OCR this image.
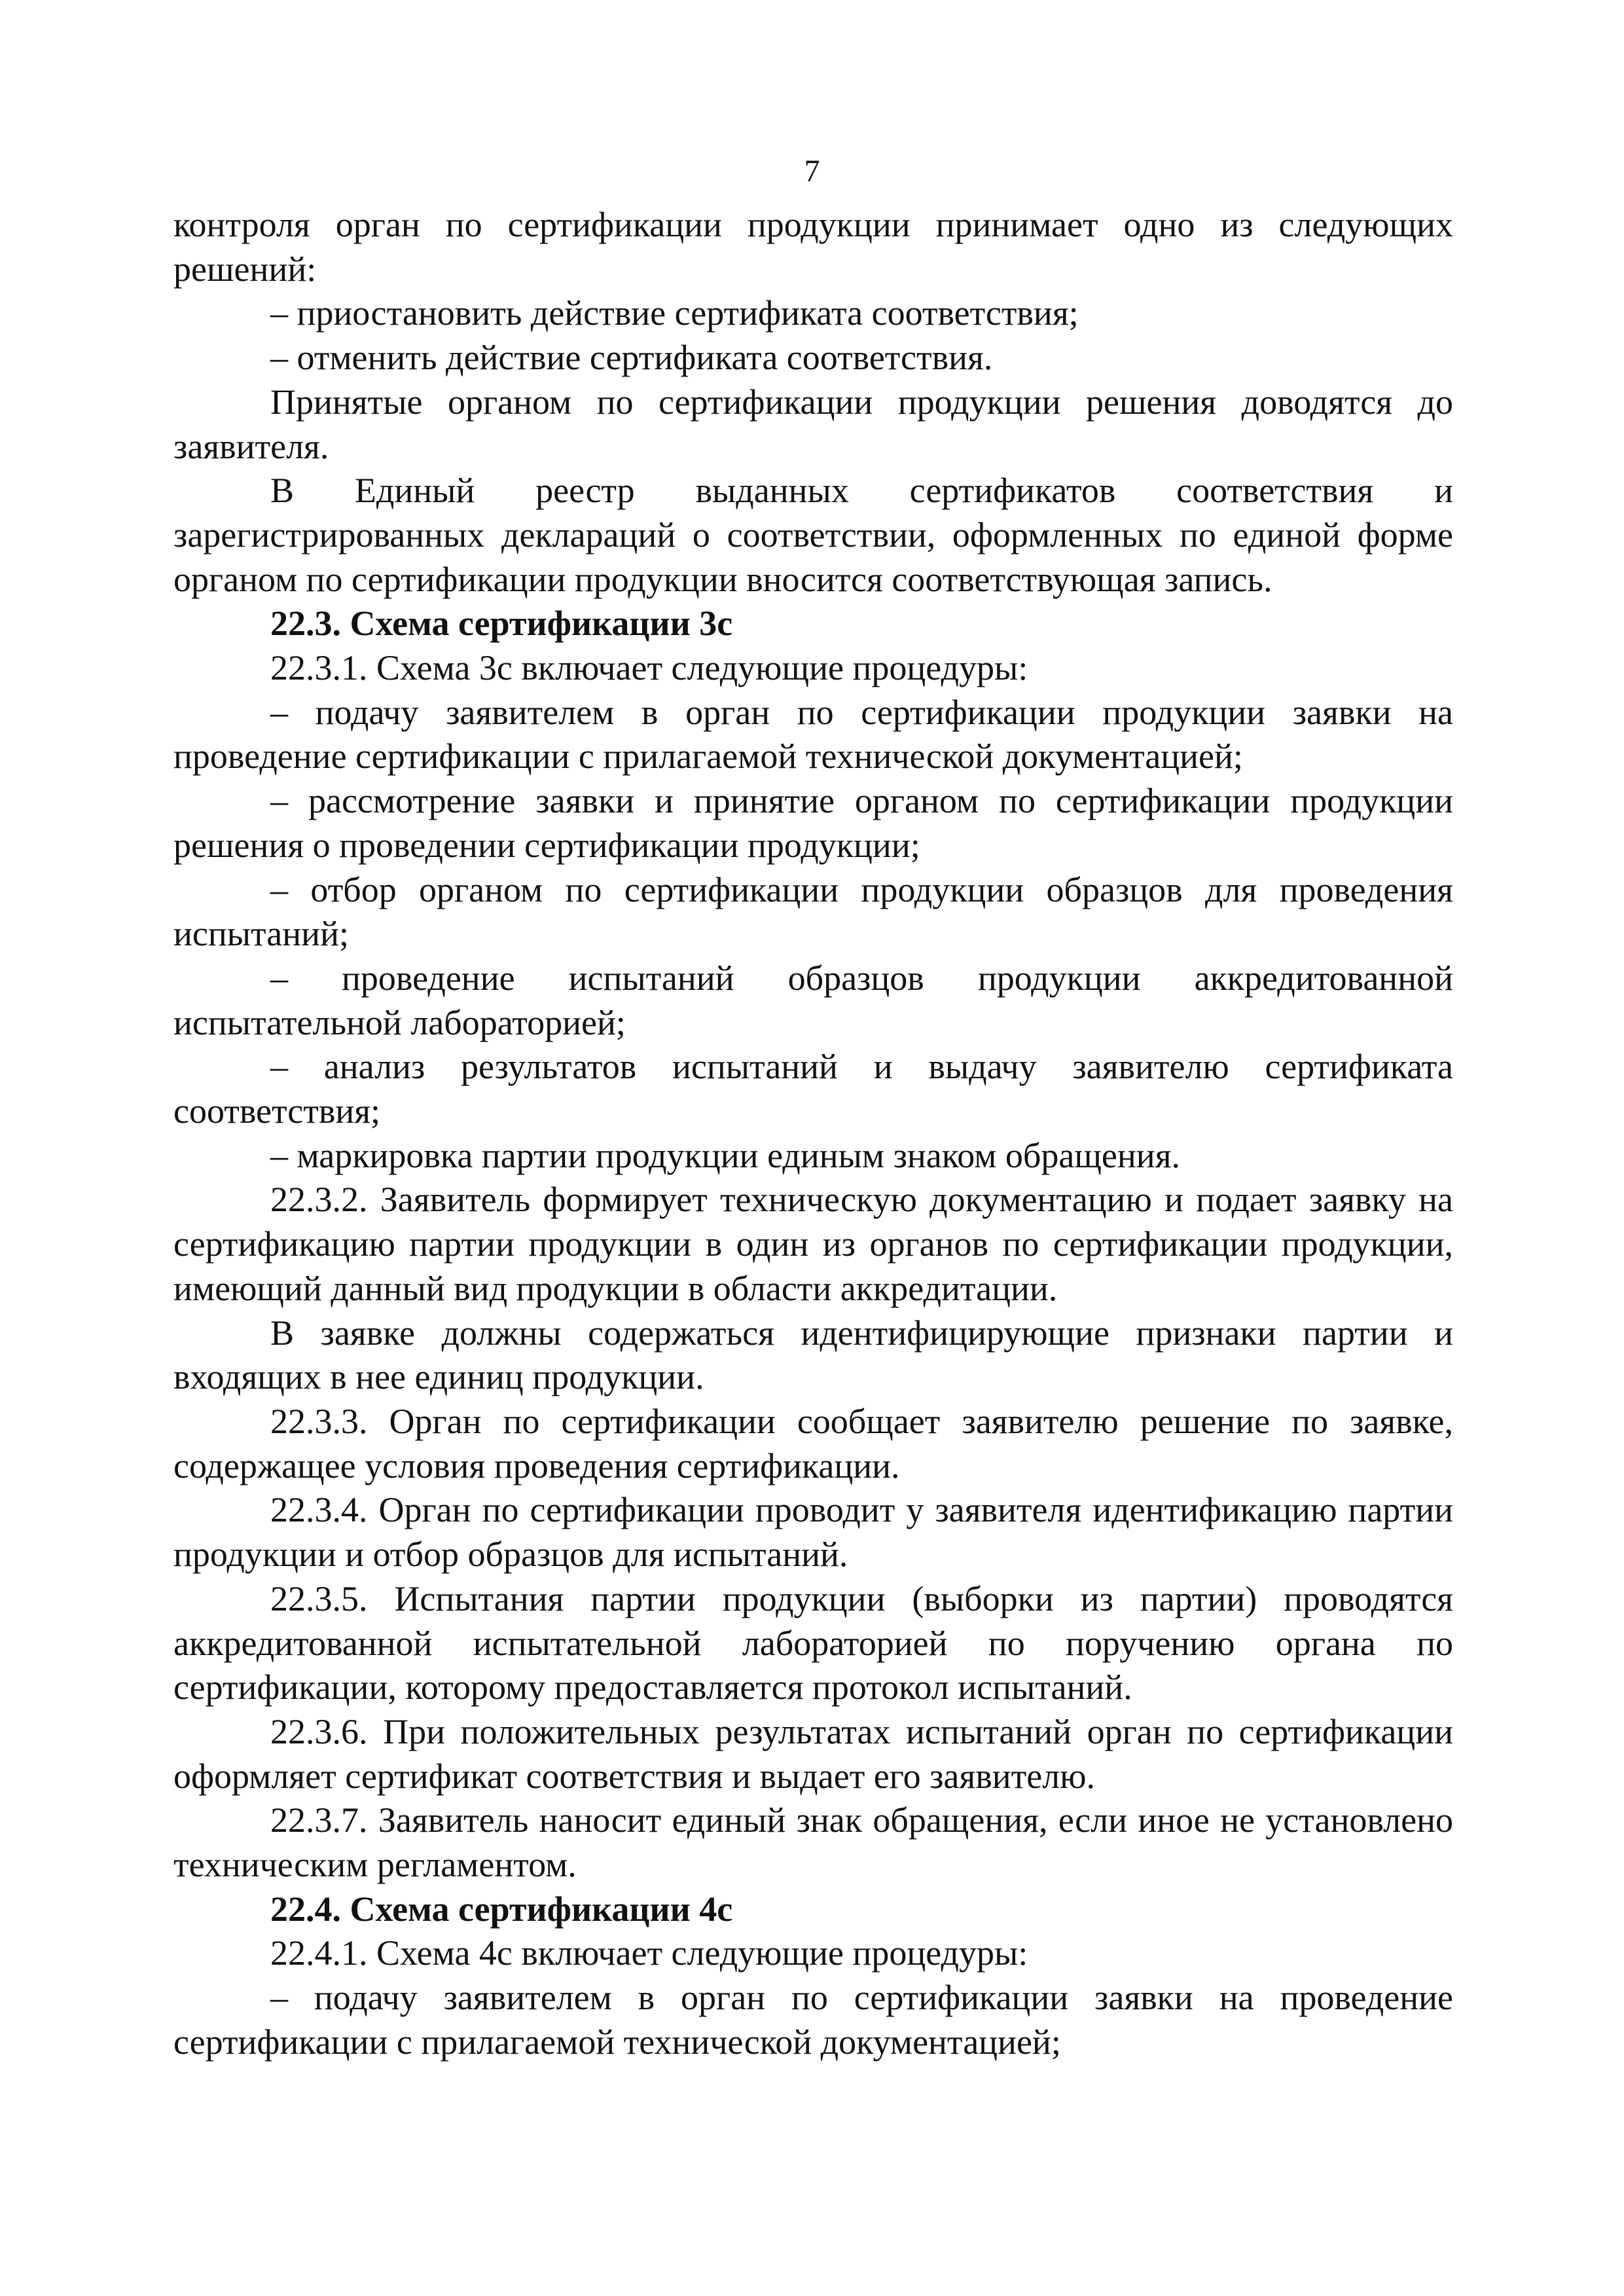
7

контроля орган по сертификации продукции принимает одно из следующих решений:

– приостановить действие сертификата соответствия;

– отменить действие сертификата соответствия.

Принятые органом по сертификации продукции решения доводятся до заявителя.

В Единый реестр выданных сертификатов соответствия и зарегистрированных деклараций о соответствии, оформленных по единой форме органом по сертификации продукции вносится соответствующая запись.

22.3. Схема сертификации 3с

22.3.1. Схема 3с включает следующие процедуры:

– подачу заявителем в орган по сертификации продукции заявки на проведение сертификации с прилагаемой технической документацией;

– рассмотрение заявки и принятие органом по сертификации продукции решения о проведении сертификации продукции;

– отбор органом по сертификации продукции образцов для проведения испытаний;

– проведение испытаний образцов продукции аккредитованной испытательной лабораторией;

– анализ результатов испытаний и выдачу заявителю сертификата соответствия;

– маркировка партии продукции единым знаком обращения.

22.3.2. Заявитель формирует техническую документацию и подает заявку на сертификацию партии продукции в один из органов по сертификации продукции, имеющий данный вид продукции в области аккредитации.

В заявке должны содержаться идентифицирующие признаки партии и входящих в нее единиц продукции.

22.3.3. Орган по сертификации сообщает заявителю решение по заявке, содержащее условия проведения сертификации.

22.3.4. Орган по сертификации проводит у заявителя идентификацию партии продукции и отбор образцов для испытаний.

22.3.5. Испытания партии продукции (выборки из партии) проводятся аккредитованной испытательной лабораторией по поручению органа по сертификации, которому предоставляется протокол испытаний.

22.3.6. При положительных результатах испытаний орган по сертификации оформляет сертификат соответствия и выдает его заявителю.

22.3.7. Заявитель наносит единый знак обращения, если иное не установлено техническим регламентом.

22.4. Схема сертификации 4с

22.4.1. Схема 4с включает следующие процедуры:

– подачу заявителем в орган по сертификации заявки на проведение сертификации с прилагаемой технической документацией;
